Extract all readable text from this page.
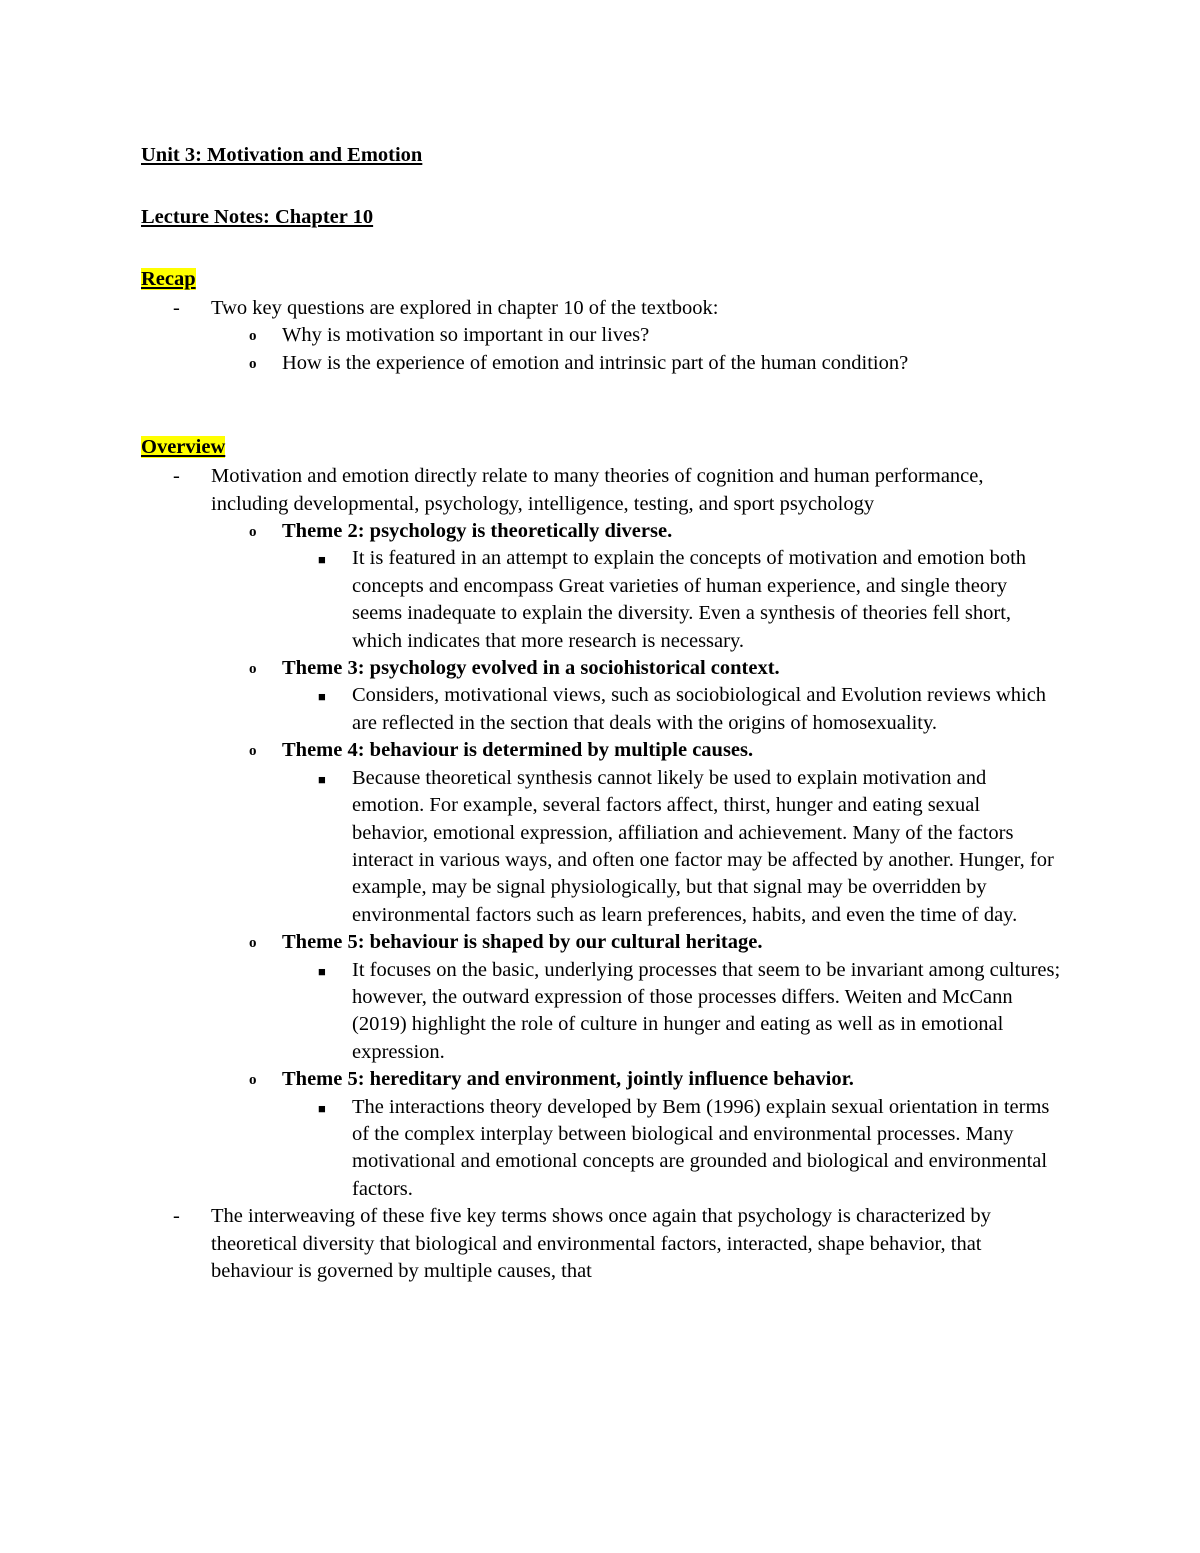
Unit 3: Motivation and Emotion

Lecture Notes: Chapter 10

Recap

- Two key questions are explored in chapter 10 of the textbook:
o Why is motivation so important in our lives?
o How is the experience of emotion and intrinsic part of the human condition?

Overview

- Motivation and emotion directly relate to many theories of cognition and human performance, including developmental, psychology, intelligence, testing, and sport psychology
o Theme 2: psychology is theoretically diverse.
■ It is featured in an attempt to explain the concepts of motivation and emotion both concepts and encompass Great varieties of human experience, and single theory seems inadequate to explain the diversity. Even a synthesis of theories fell short, which indicates that more research is necessary.
o Theme 3: psychology evolved in a sociohistorical context.
■ Considers, motivational views, such as sociobiological and Evolution reviews which are reflected in the section that deals with the origins of homosexuality.
o Theme 4: behaviour is determined by multiple causes.
■ Because theoretical synthesis cannot likely be used to explain motivation and emotion. For example, several factors affect, thirst, hunger and eating sexual behavior, emotional expression, affiliation and achievement. Many of the factors interact in various ways, and often one factor may be affected by another. Hunger, for example, may be signal physiologically, but that signal may be overridden by environmental factors such as learn preferences, habits, and even the time of day.
o Theme 5: behaviour is shaped by our cultural heritage.
■ It focuses on the basic, underlying processes that seem to be invariant among cultures; however, the outward expression of those processes differs. Weiten and McCann (2019) highlight the role of culture in hunger and eating as well as in emotional expression.
o Theme 5: hereditary and environment, jointly influence behavior.
■ The interactions theory developed by Bem (1996) explain sexual orientation in terms of the complex interplay between biological and environmental processes. Many motivational and emotional concepts are grounded and biological and environmental factors.
- The interweaving of these five key terms shows once again that psychology is characterized by theoretical diversity that biological and environmental factors, interacted, shape behavior, that behaviour is governed by multiple causes, that
